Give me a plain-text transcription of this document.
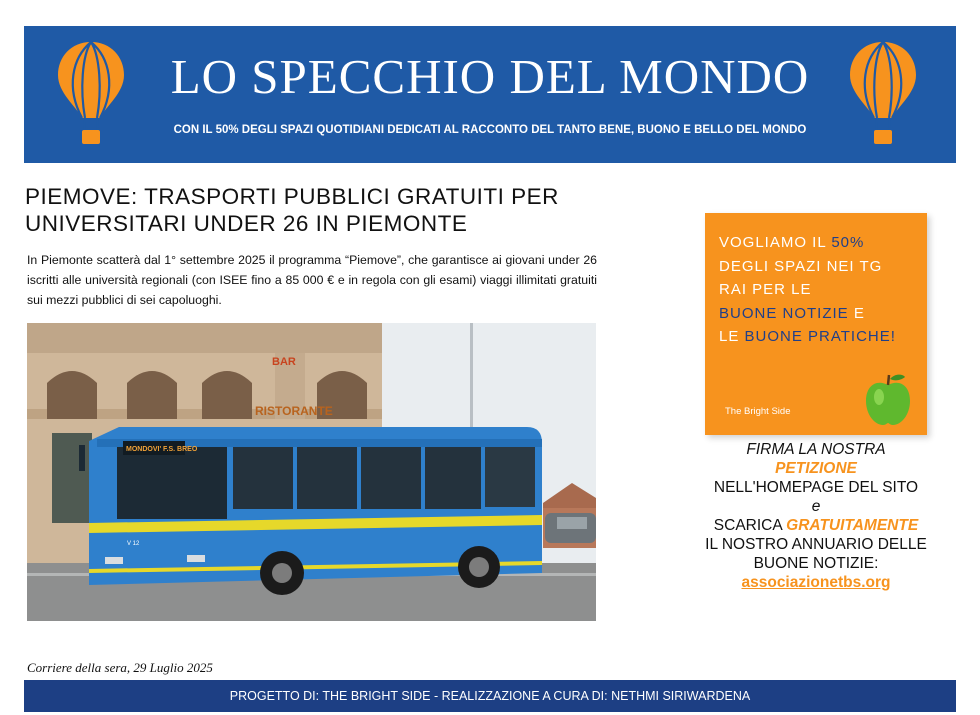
LO SPECCHIO DEL MONDO
CON IL 50% DEGLI SPAZI QUOTIDIANI DEDICATI AL RACCONTO DEL TANTO BENE, BUONO E BELLO DEL MONDO
PIEMOVE: TRASPORTI PUBBLICI GRATUITI PER UNIVERSITARI UNDER 26 IN PIEMONTE
In Piemonte scatterà dal 1° settembre 2025 il programma “Piemove”, che garantisce ai giovani under 26 iscritti alle università regionali (con ISEE fino a 85 000 € e in regola con gli esami) viaggi illimitati gratuiti sui mezzi pubblici di sei capoluoghi.
BAR
RISTORANTE
MONDOVI' F.S. BREO
V 12
VOGLIAMO IL 50%
DEGLI SPAZI NEI TG
RAI PER LE
BUONE NOTIZIE E
LE BUONE PRATICHE!
The Bright Side
FIRMA LA NOSTRA
PETIZIONE
NELL'HOMEPAGE DEL SITO
e
SCARICA GRATUITAMENTE
IL NOSTRO ANNUARIO DELLE
BUONE NOTIZIE:
associazionetbs.org
Corriere della sera, 29 Luglio 2025
PROGETTO DI: THE BRIGHT SIDE - REALIZZAZIONE A CURA DI: NETHMI SIRIWARDENA
